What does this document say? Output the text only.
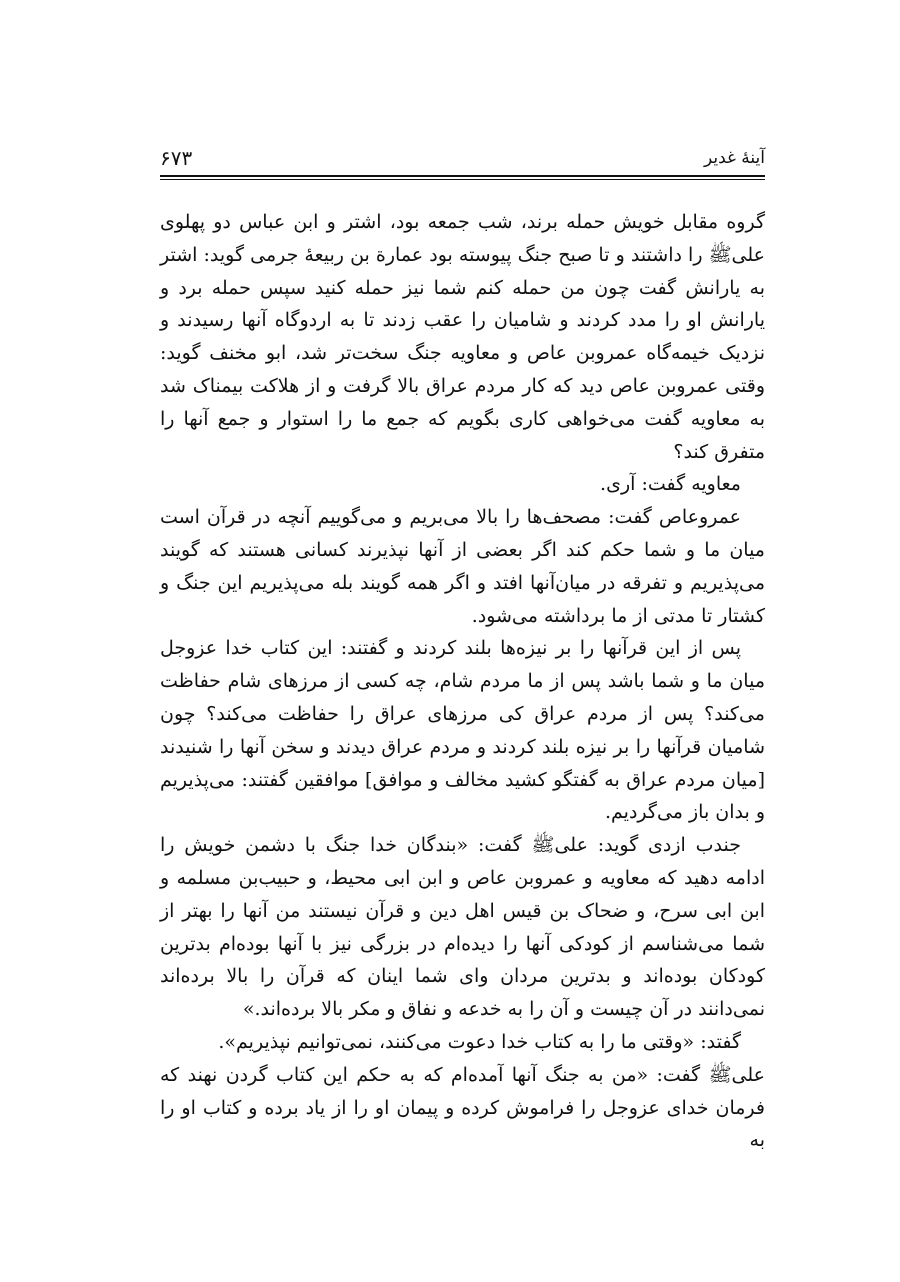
آینهٔ غدیر
۶۷۳

گروه مقابل خویش حمله برند، شب جمعه بود، اشتر و ابن عباس دو پهلوی علیﷺ را داشتند و تا صبح جنگ پیوسته بود عمارة بن ربیعهٔ جرمی گوید: اشتر به یارانش گفت چون من حمله کنم شما نیز حمله کنید سپس حمله برد و یارانش او را مدد کردند و شامیان را عقب زدند تا به اردوگاه آنها رسیدند و نزدیک خیمه‌گاه عمروبن عاص و معاویه جنگ سخت‌تر شد، ابو مخنف گوید: وقتی عمروبن عاص دید که کار مردم عراق بالا گرفت و از هلاکت بیمناک شد به معاویه گفت می‌خواهی کاری بگویم که جمع ما را استوار و جمع آنها را متفرق کند؟

معاویه گفت: آری.

عمروعاص گفت: مصحف‌ها را بالا می‌بریم و می‌گوییم آنچه در قرآن است میان ما و شما حکم کند اگر بعضی از آنها نپذیرند کسانی هستند که گویند می‌پذیریم و تفرقه در میان‌آنها افتد و اگر همه گویند بله می‌پذیریم این جنگ و کشتار تا مدتی از ما برداشته می‌شود.

پس از این قرآنها را بر نیزه‌ها بلند کردند و گفتند: این کتاب خدا عزوجل میان ما و شما باشد پس از ما مردم شام، چه کسی از مرزهای شام حفاظت می‌کند؟ پس از مردم عراق کی مرزهای عراق را حفاظت می‌کند؟ چون شامیان قرآنها را بر نیزه بلند کردند و مردم عراق دیدند و سخن آنها را شنیدند [میان مردم عراق به گفتگو کشید مخالف و موافق] موافقین گفتند: می‌پذیریم و بدان باز می‌گردیم.

جندب ازدی گوید: علیﷺ گفت: «بندگان خدا جنگ با دشمن خویش را ادامه دهید که معاویه و عمروبن عاص و ابن ابی محیط، و حبیب‌بن مسلمه و ابن ابی سرح، و ضحاک بن قیس اهل دین و قرآن نیستند من آنها را بهتر از شما می‌شناسم از کودکی آنها را دیده‌ام در بزرگی نیز با آنها بوده‌ام بدترین کودکان بوده‌اند و بدترین مردان وای شما اینان که قرآن را بالا برده‌اند نمی‌دانند در آن چیست و آن را به خدعه و نفاق و مکر بالا برده‌اند.»

گفتد: «وقتی ما را به کتاب خدا دعوت می‌کنند، نمی‌توانیم نپذیریم».

علیﷺ گفت: «من به جنگ آنها آمده‌ام که به حکم این کتاب گردن نهند که فرمان خدای عزوجل را فراموش کرده و پیمان او را از یاد برده و کتاب او را به
